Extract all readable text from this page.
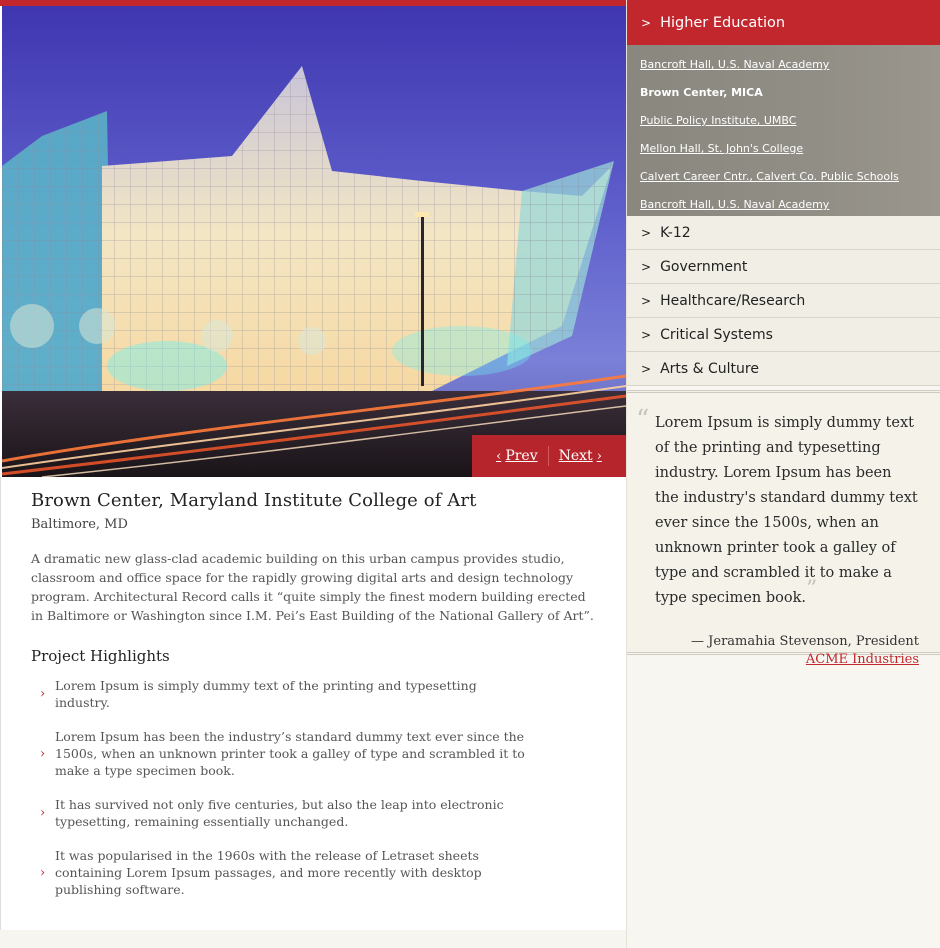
‹ Prev Next ›
Brown Center, Maryland Institute College of Art
Baltimore, MD
A dramatic new glass-clad academic building on this urban campus provides studio, classroom and office space for the rapidly growing digital arts and design technology program. Architectural Record calls it “quite simply the finest modern building erected in Baltimore or Washington since I.M. Pei’s East Building of the National Gallery of Art”.
Project Highlights
›
Lorem Ipsum is simply dummy text of the printing and typesetting industry.
›
Lorem Ipsum has been the industry’s standard dummy text ever since the 1500s, when an unknown printer took a galley of type and scrambled it to make a type specimen book.
›
It has survived not only five centuries, but also the leap into electronic typesetting, remaining essentially unchanged.
›
It was popularised in the 1960s with the release of Letraset sheets containing Lorem Ipsum passages, and more recently with desktop publishing software.
> Higher Education
Bancroft Hall, U.S. Naval Academy
Brown Center, MICA
Public Policy Institute, UMBC
Mellon Hall, St. John's College
Calvert Career Cntr., Calvert Co. Public Schools
Bancroft Hall, U.S. Naval Academy
> K-12
> Government
> Healthcare/Research
> Critical Systems
> Arts & Culture
“ Lorem Ipsum is simply dummy text of the printing and typesetting industry. Lorem Ipsum has been the industry's standard dummy text ever since the 1500s, when an unknown printer took a galley of type and scrambled it to make a type specimen book.”
— Jeramahia Stevenson, President
ACME Industries
